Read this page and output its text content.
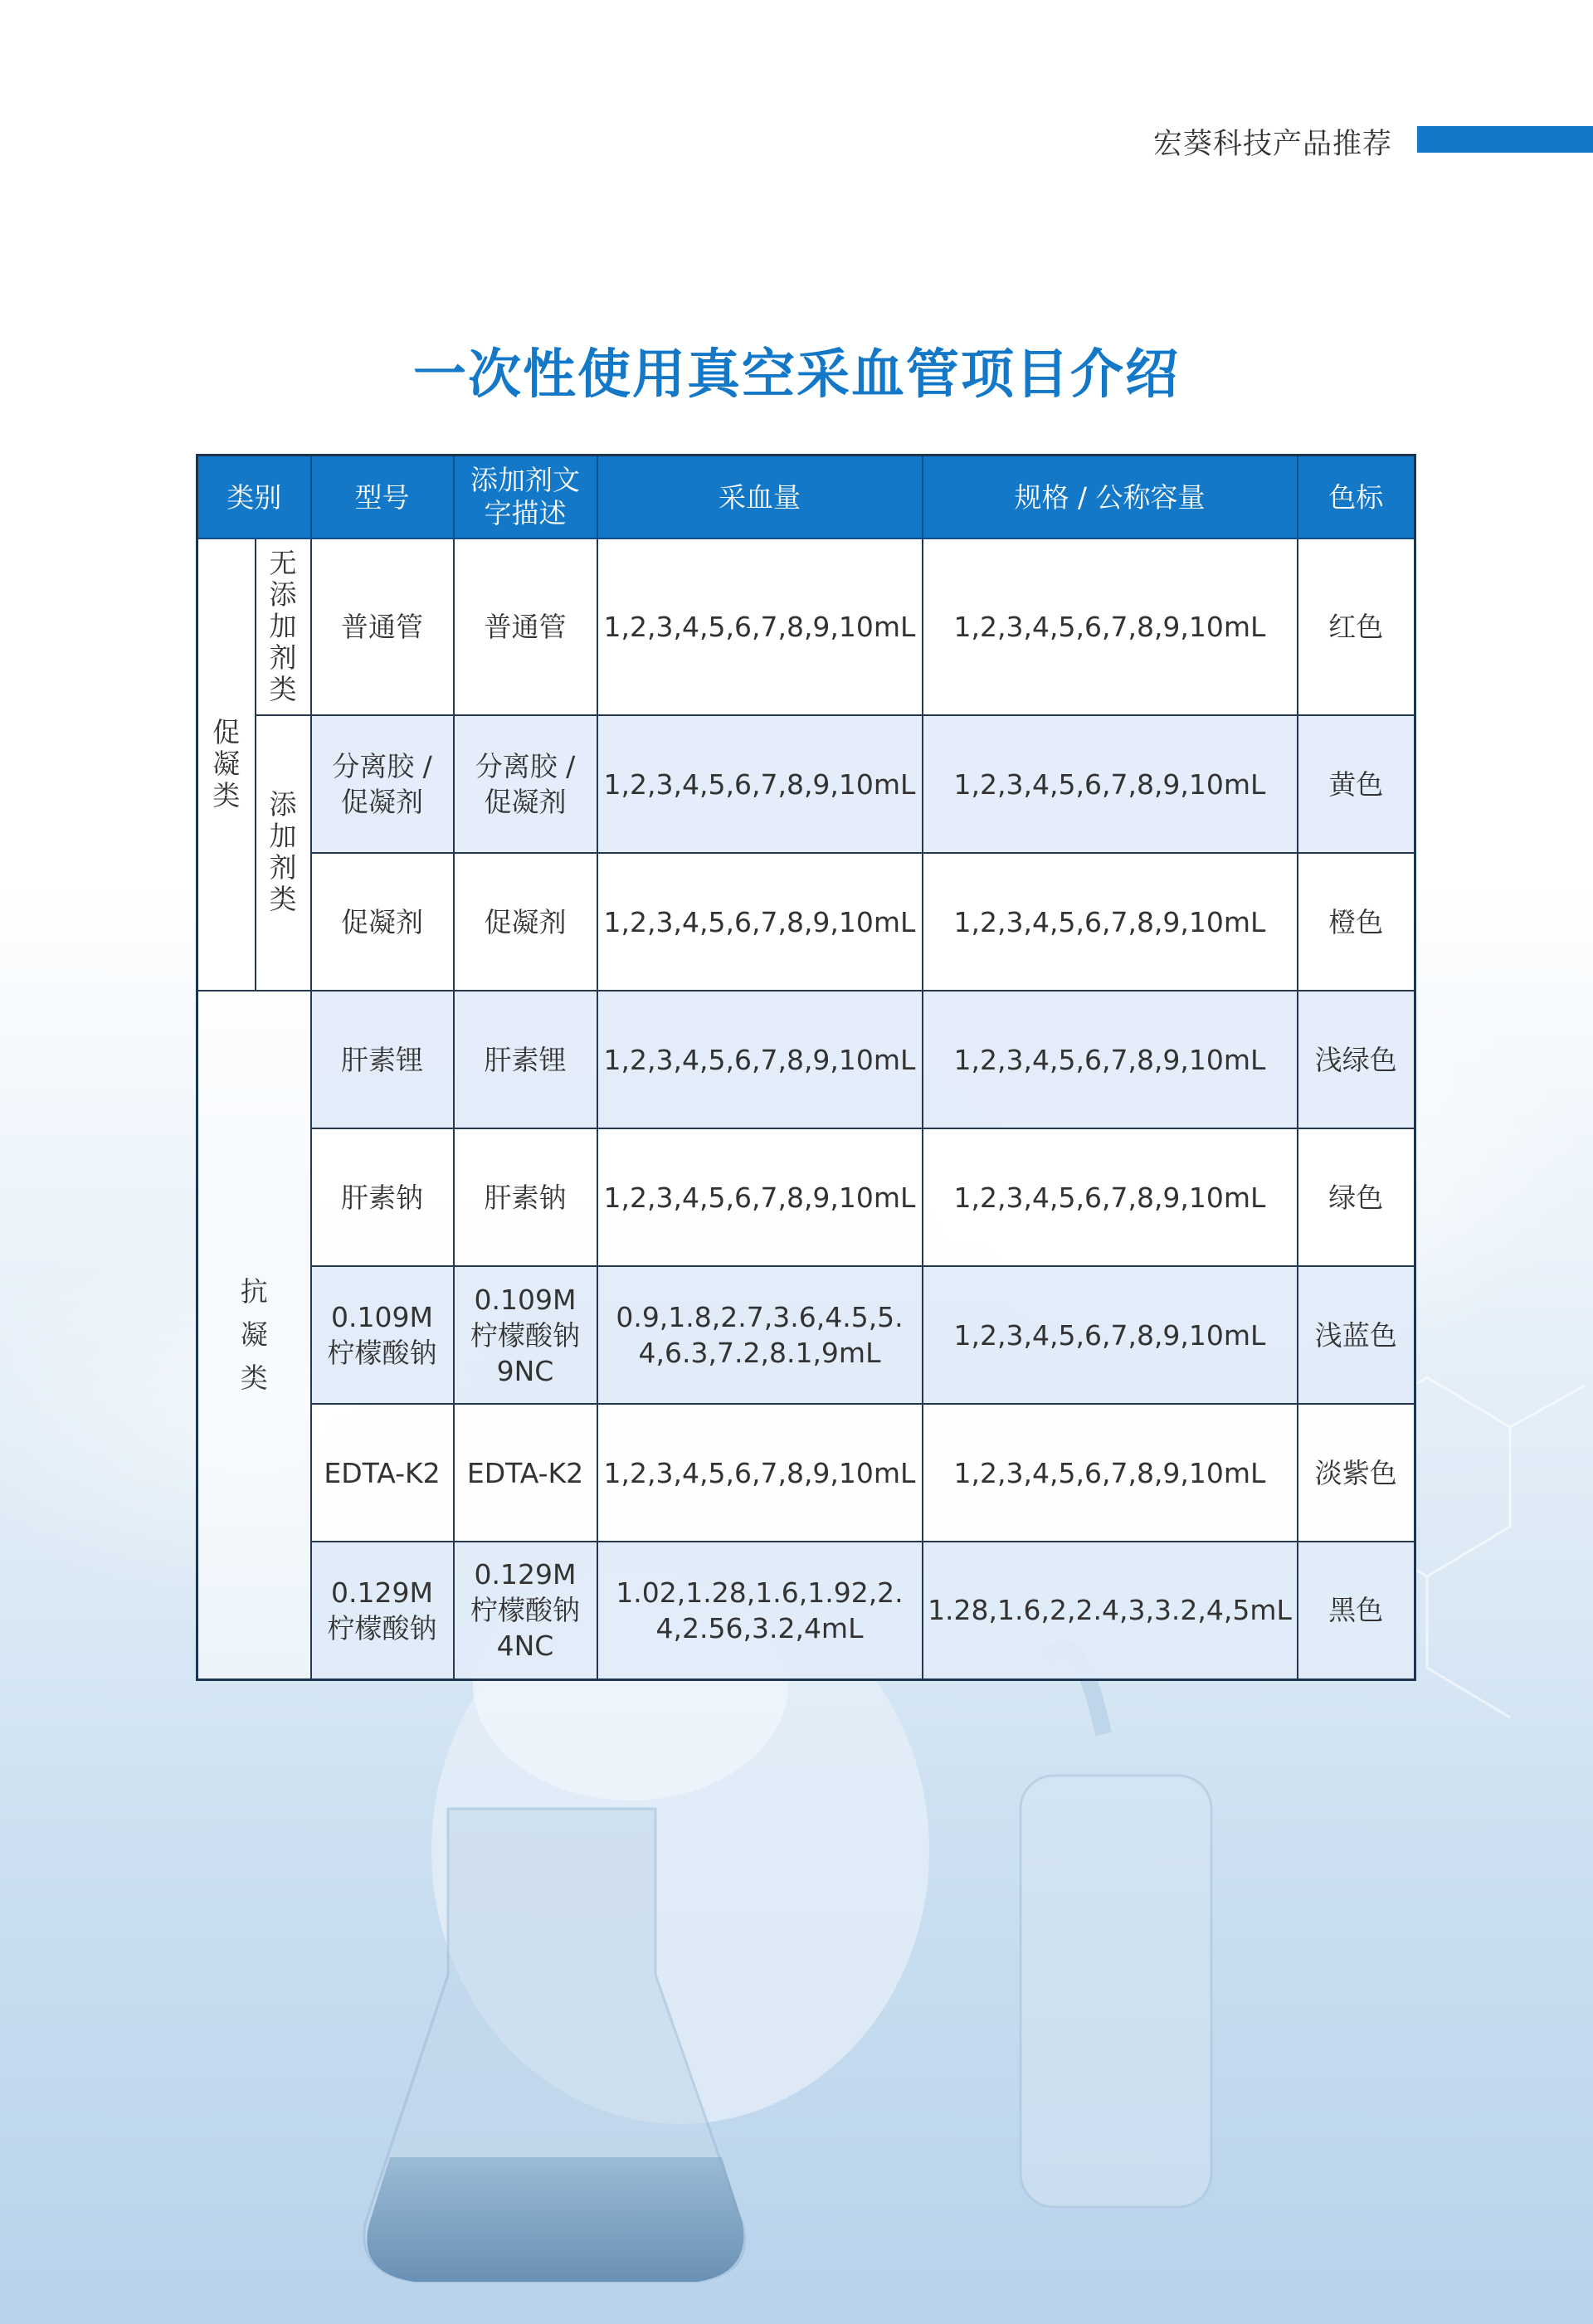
宏葵科技产品推荐
一次性使用真空采血管项目介绍
类别		型号	添加剂文字描述	采血量	规格 / 公称容量	色标
促凝类	无添加剂类	普通管	普通管	1,2,3,4,5,6,7,8,9,10mL	1,2,3,4,5,6,7,8,9,10mL	红色
	添加剂类	分离胶 / 促凝剂	分离胶 / 促凝剂	1,2,3,4,5,6,7,8,9,10mL	1,2,3,4,5,6,7,8,9,10mL	黄色
		促凝剂	促凝剂	1,2,3,4,5,6,7,8,9,10mL	1,2,3,4,5,6,7,8,9,10mL	橙色
抗凝类		肝素锂	肝素锂	1,2,3,4,5,6,7,8,9,10mL	1,2,3,4,5,6,7,8,9,10mL	浅绿色
		肝素钠	肝素钠	1,2,3,4,5,6,7,8,9,10mL	1,2,3,4,5,6,7,8,9,10mL	绿色

		0.109M 柠檬酸钠	0.109M 柠檬酸钠 9NC	0.9,1.8,2.7,3.6,4.5,5.4,6.3,7.2,8.1,9mL	1,2,3,4,5,6,7,8,9,10mL	浅蓝色
		EDTA-K2	EDTA-K2	1,2,3,4,5,6,7,8,9,10mL	1,2,3,4,5,6,7,8,9,10mL	淡紫色

		0.129M 柠檬酸钠	0.129M 柠檬酸钠 4NC	1.02,1.28,1.6,1.92,2.4,2.56,3.2,4mL	1.28,1.6,2,2.4,3,3.2,4,5mL	黑色
